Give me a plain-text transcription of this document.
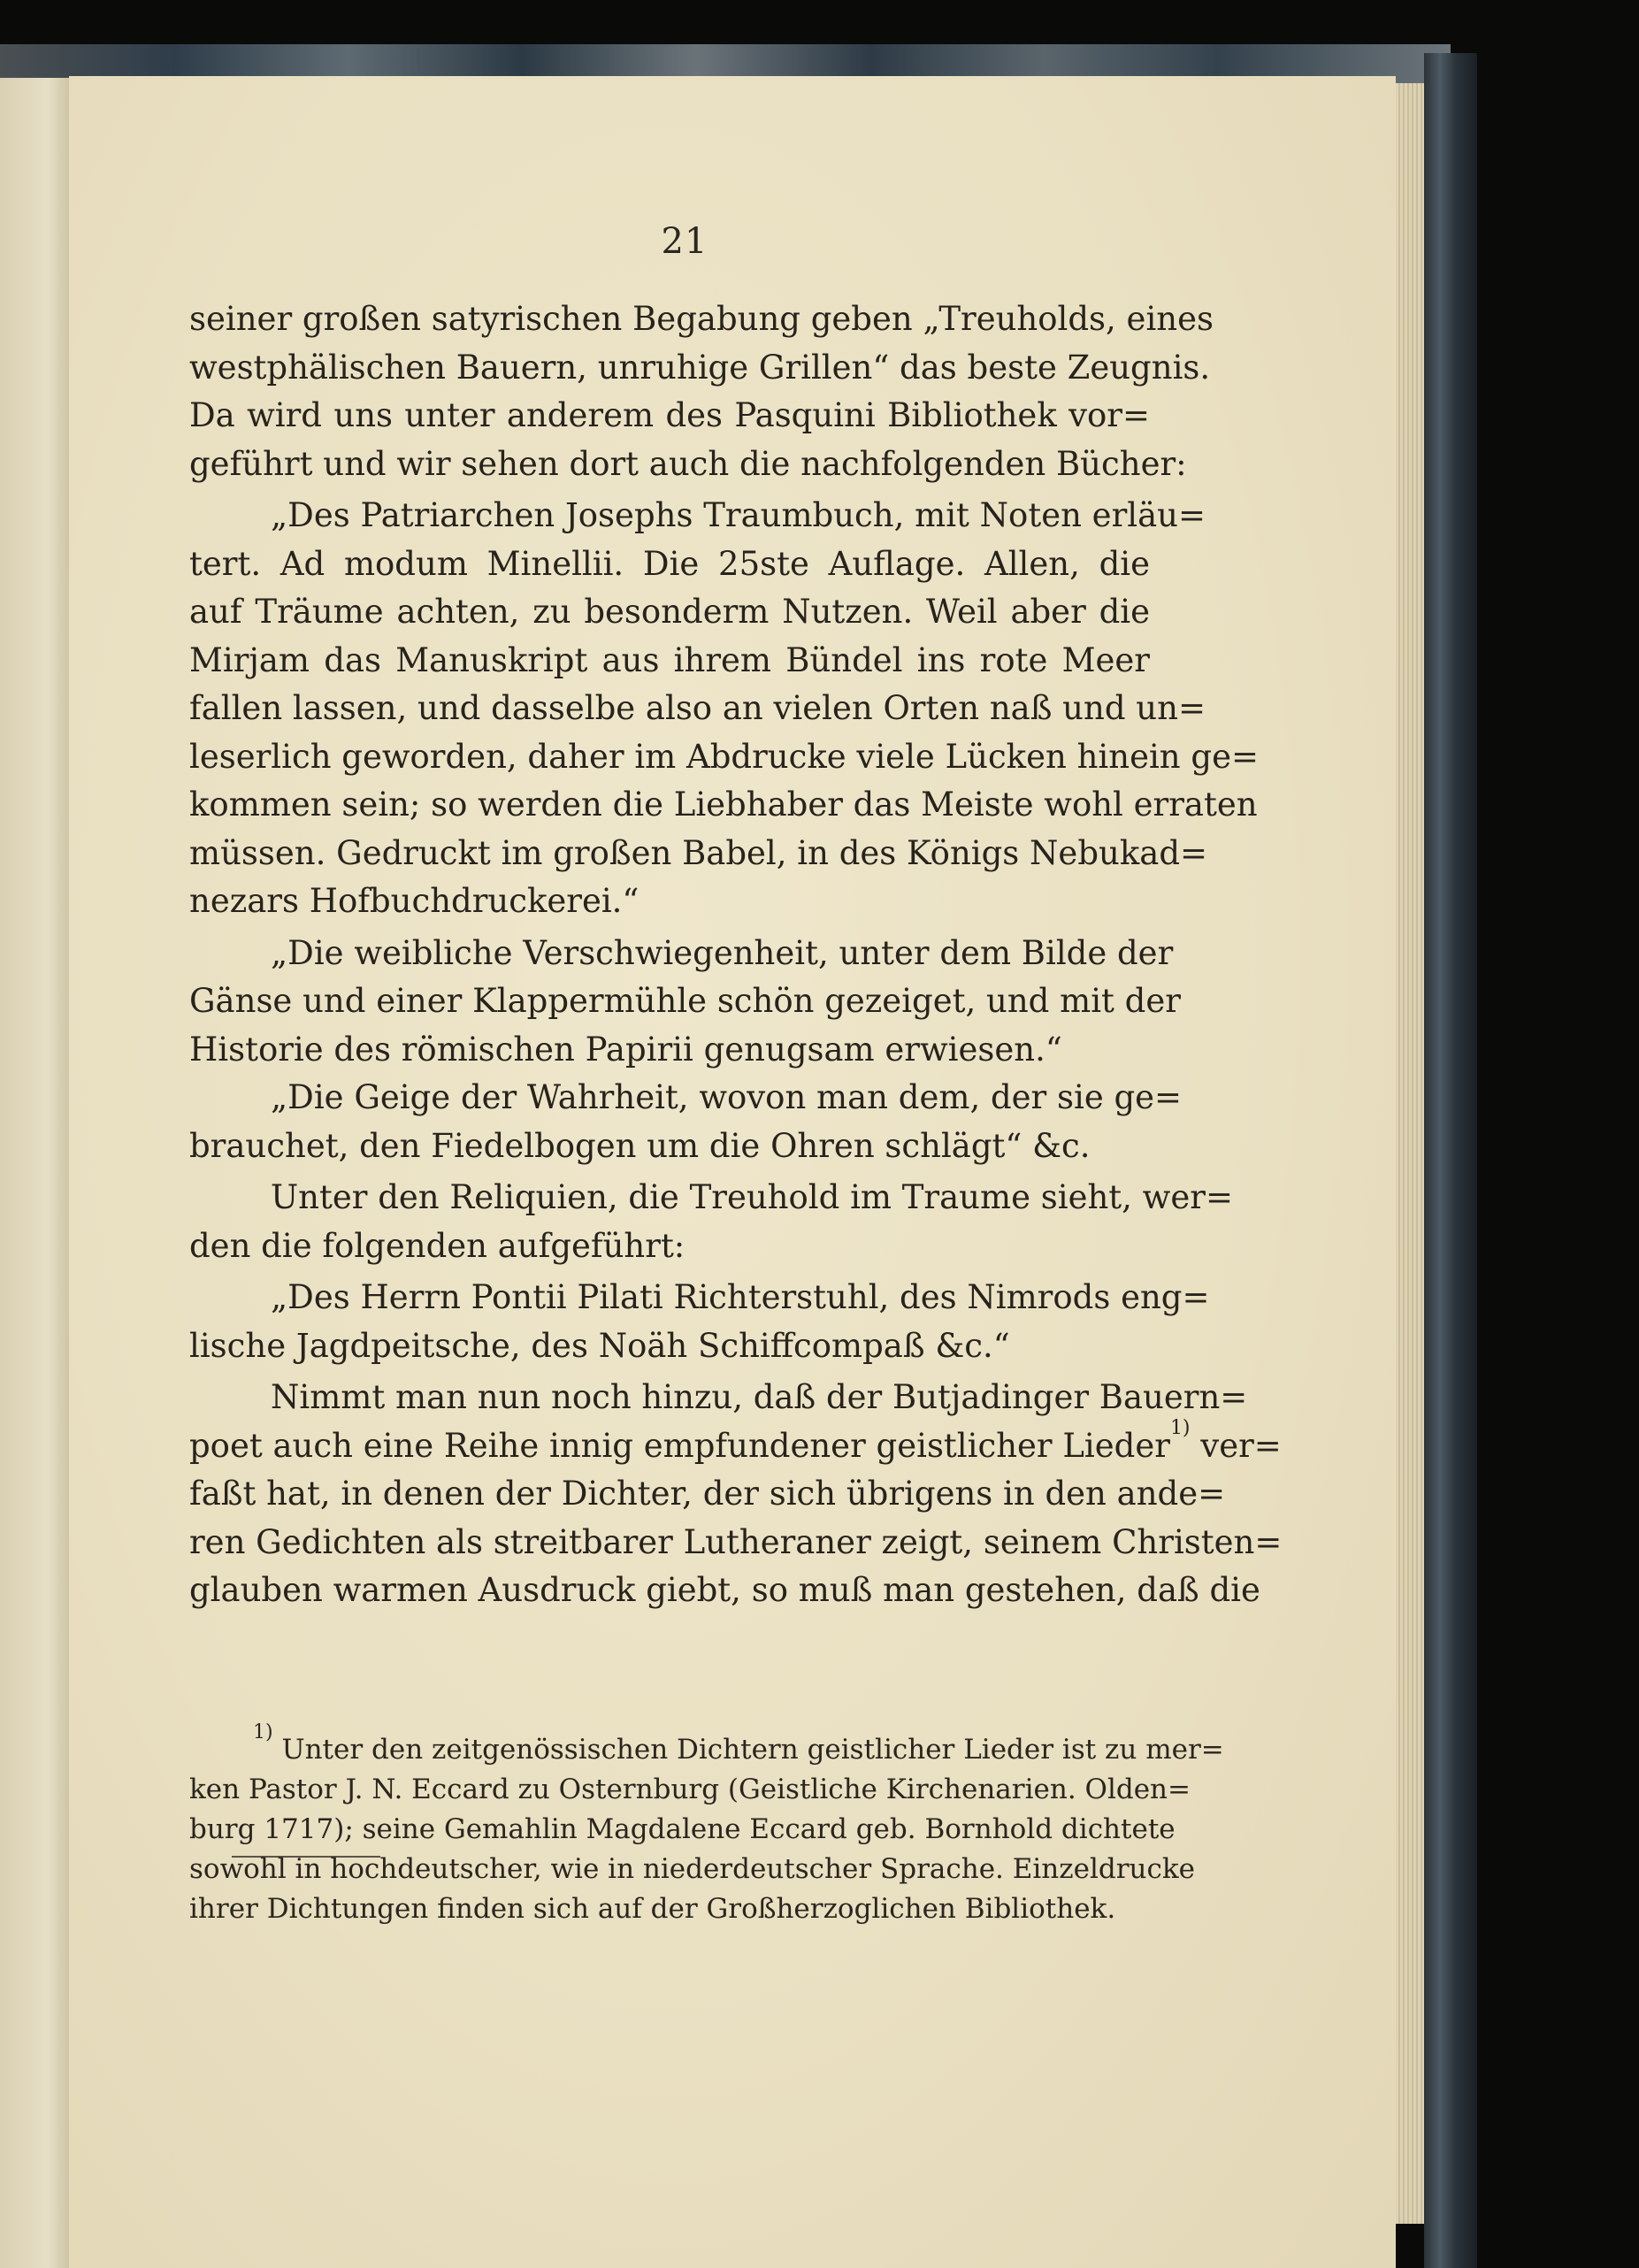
21
seiner großen satyrischen Begabung geben „Treuholds, eines
westphälischen Bauern, unruhige Grillen“ das beste Zeugnis.
Da wird uns unter anderem des Pasquini Bibliothek vor=
geführt und wir sehen dort auch die nachfolgenden Bücher:
„Des Patriarchen Josephs Traumbuch, mit Noten erläu=
tert. Ad modum Minellii. Die 25ste Auflage. Allen, die
auf Träume achten, zu besonderm Nutzen. Weil aber die
Mirjam das Manuskript aus ihrem Bündel ins rote Meer
fallen lassen, und dasselbe also an vielen Orten naß und un=
leserlich geworden, daher im Abdrucke viele Lücken hinein ge=
kommen sein; so werden die Liebhaber das Meiste wohl erraten
müssen. Gedruckt im großen Babel, in des Königs Nebukad=
nezars Hofbuchdruckerei.“
„Die weibliche Verschwiegenheit, unter dem Bilde der
Gänse und einer Klappermühle schön gezeiget, und mit der
Historie des römischen Papirii genugsam erwiesen.“
„Die Geige der Wahrheit, wovon man dem, der sie ge=
brauchet, den Fiedelbogen um die Ohren schlägt“ &c.
Unter den Reliquien, die Treuhold im Traume sieht, wer=
den die folgenden aufgeführt:
„Des Herrn Pontii Pilati Richterstuhl, des Nimrods eng=
lische Jagdpeitsche, des Noäh Schiffcompaß &c.“
Nimmt man nun noch hinzu, daß der Butjadinger Bauern=
poet auch eine Reihe innig empfundener geistlicher Lieder$^{1)}$ ver=
faßt hat, in denen der Dichter, der sich übrigens in den ande=
ren Gedichten als streitbarer Lutheraner zeigt, seinem Christen=
glauben warmen Ausdruck giebt, so muß man gestehen, daß die
$^{1)}$ Unter den zeitgenössischen Dichtern geistlicher Lieder ist zu mer=
ken Pastor J. N. Eccard zu Osternburg (Geistliche Kirchenarien. Olden=
burg 1717); seine Gemahlin Magdalene Eccard geb. Bornhold dichtete
sowohl in hochdeutscher, wie in niederdeutscher Sprache. Einzeldrucke
ihrer Dichtungen finden sich auf der Großherzoglichen Bibliothek.
